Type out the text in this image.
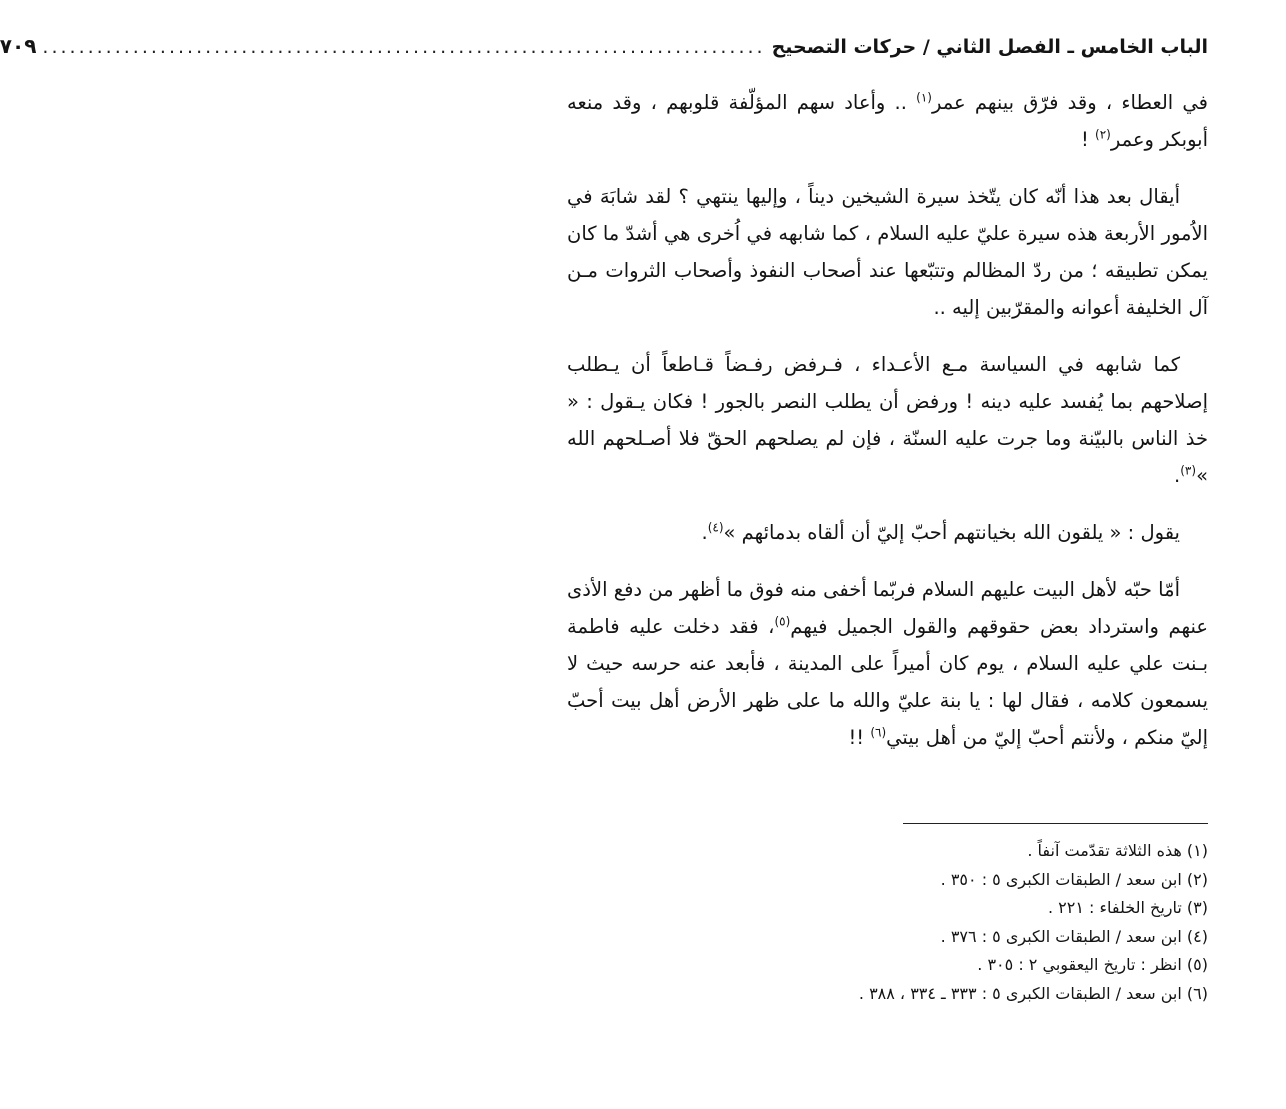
الباب الخامس ـ الفصل الثاني / حركات التصحيح
................................................................................
٧٠٩

في العطاء ، وقد فرّق بينهم عمر$^{(١)}$ .. وأعاد سهم المؤلّفة قلوبهم ، وقد منعه أبوبكر وعمر$^{(٢)}$ !

أيقال بعد هذا أنّه كان يتّخذ سيرة الشيخين ديناً ، وإليها ينتهي ؟ لقد شابَهَ في الاُمور الأربعة هذه سيرة عليّ عليه السلام ، كما شابهه في اُخرى هي أشدّ ما كان يمكن تطبيقه ؛ من ردّ المظالم وتتبّعها عند أصحاب النفوذ وأصحاب الثروات مـن آل الخليفة أعوانه والمقرّبين إليه ..

كما شابهه في السياسة مـع الأعـداء ، فـرفض رفـضاً قـاطعاً أن يـطلب إصلاحهم بما يُفسد عليه دينه ! ورفض أن يطلب النصر بالجور ! فكان يـقول : « خذ الناس بالبيّنة وما جرت عليه السنّة ، فإن لم يصلحهم الحقّ فلا أصـلحهم الله »$^{(٣)}$.

يقول : « يلقون الله بخيانتهم أحبّ إليّ أن ألقاه بدمائهم »$^{(٤)}$.

أمّا حبّه لأهل البيت عليهم السلام فربّما أخفى منه فوق ما أظهر من دفع الأذى عنهم واسترداد بعض حقوقهم والقول الجميل فيهم$^{(٥)}$، فقد دخلت عليه فاطمة بـنت علي عليه السلام ، يوم كان أميراً على المدينة ، فأبعد عنه حرسه حيث لا يسمعون كلامه ، فقال لها : يا بنة عليّ والله ما على ظهر الأرض أهل بيت أحبّ إليّ منكم ، ولأنتم أحبّ إليّ من أهل بيتي$^{(٦)}$ !!

(١) هذه الثلاثة تقدّمت آنفاً .

(٢) ابن سعد / الطبقات الكبرى ٥ : ٣٥٠ .

(٣) تاريخ الخلفاء : ٢٢١ .

(٤) ابن سعد / الطبقات الكبرى ٥ : ٣٧٦ .

(٥) انظر : تاريخ اليعقوبي ٢ : ٣٠٥ .

(٦) ابن سعد / الطبقات الكبرى ٥ : ٣٣٣ ـ ٣٣٤ ، ٣٨٨ .
